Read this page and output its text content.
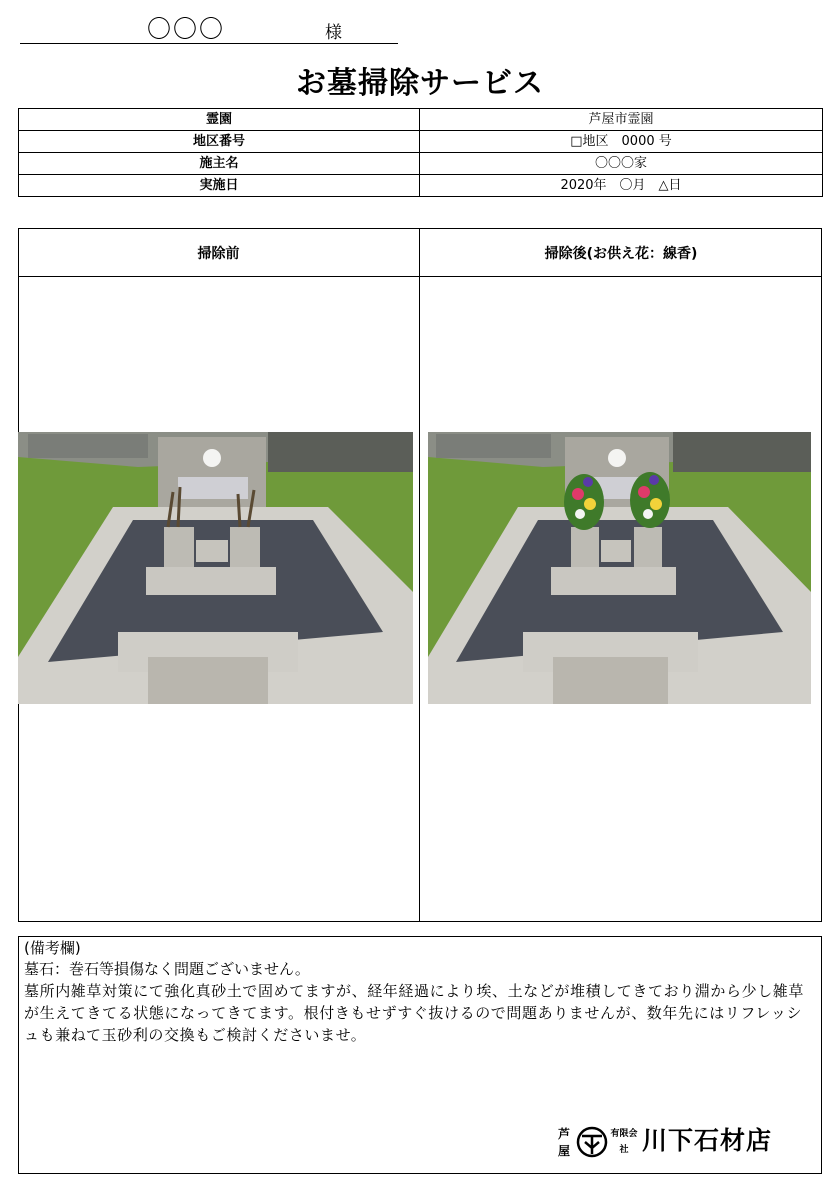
〇〇〇	様
お墓掃除サービス
霊園	芦屋市霊園
地区番号	□地区　0000 号
施主名	〇〇〇家
実施日	2020年　〇月　△日
掃除前	掃除後(お供え花：線香)
(備考欄)
墓石：巻石等損傷なく問題ございません。
墓所内雑草対策にて強化真砂土で固めてますが、経年経過により埃、土などが堆積してきており淵から少し雑草が生えてきてる状態になってきてます。根付きもせずすぐ抜けるので問題ありませんが、数年先にはリフレッシュも兼ねて玉砂利の交換もご検討くださいませ。
芦屋
有限会社 川下石材店
